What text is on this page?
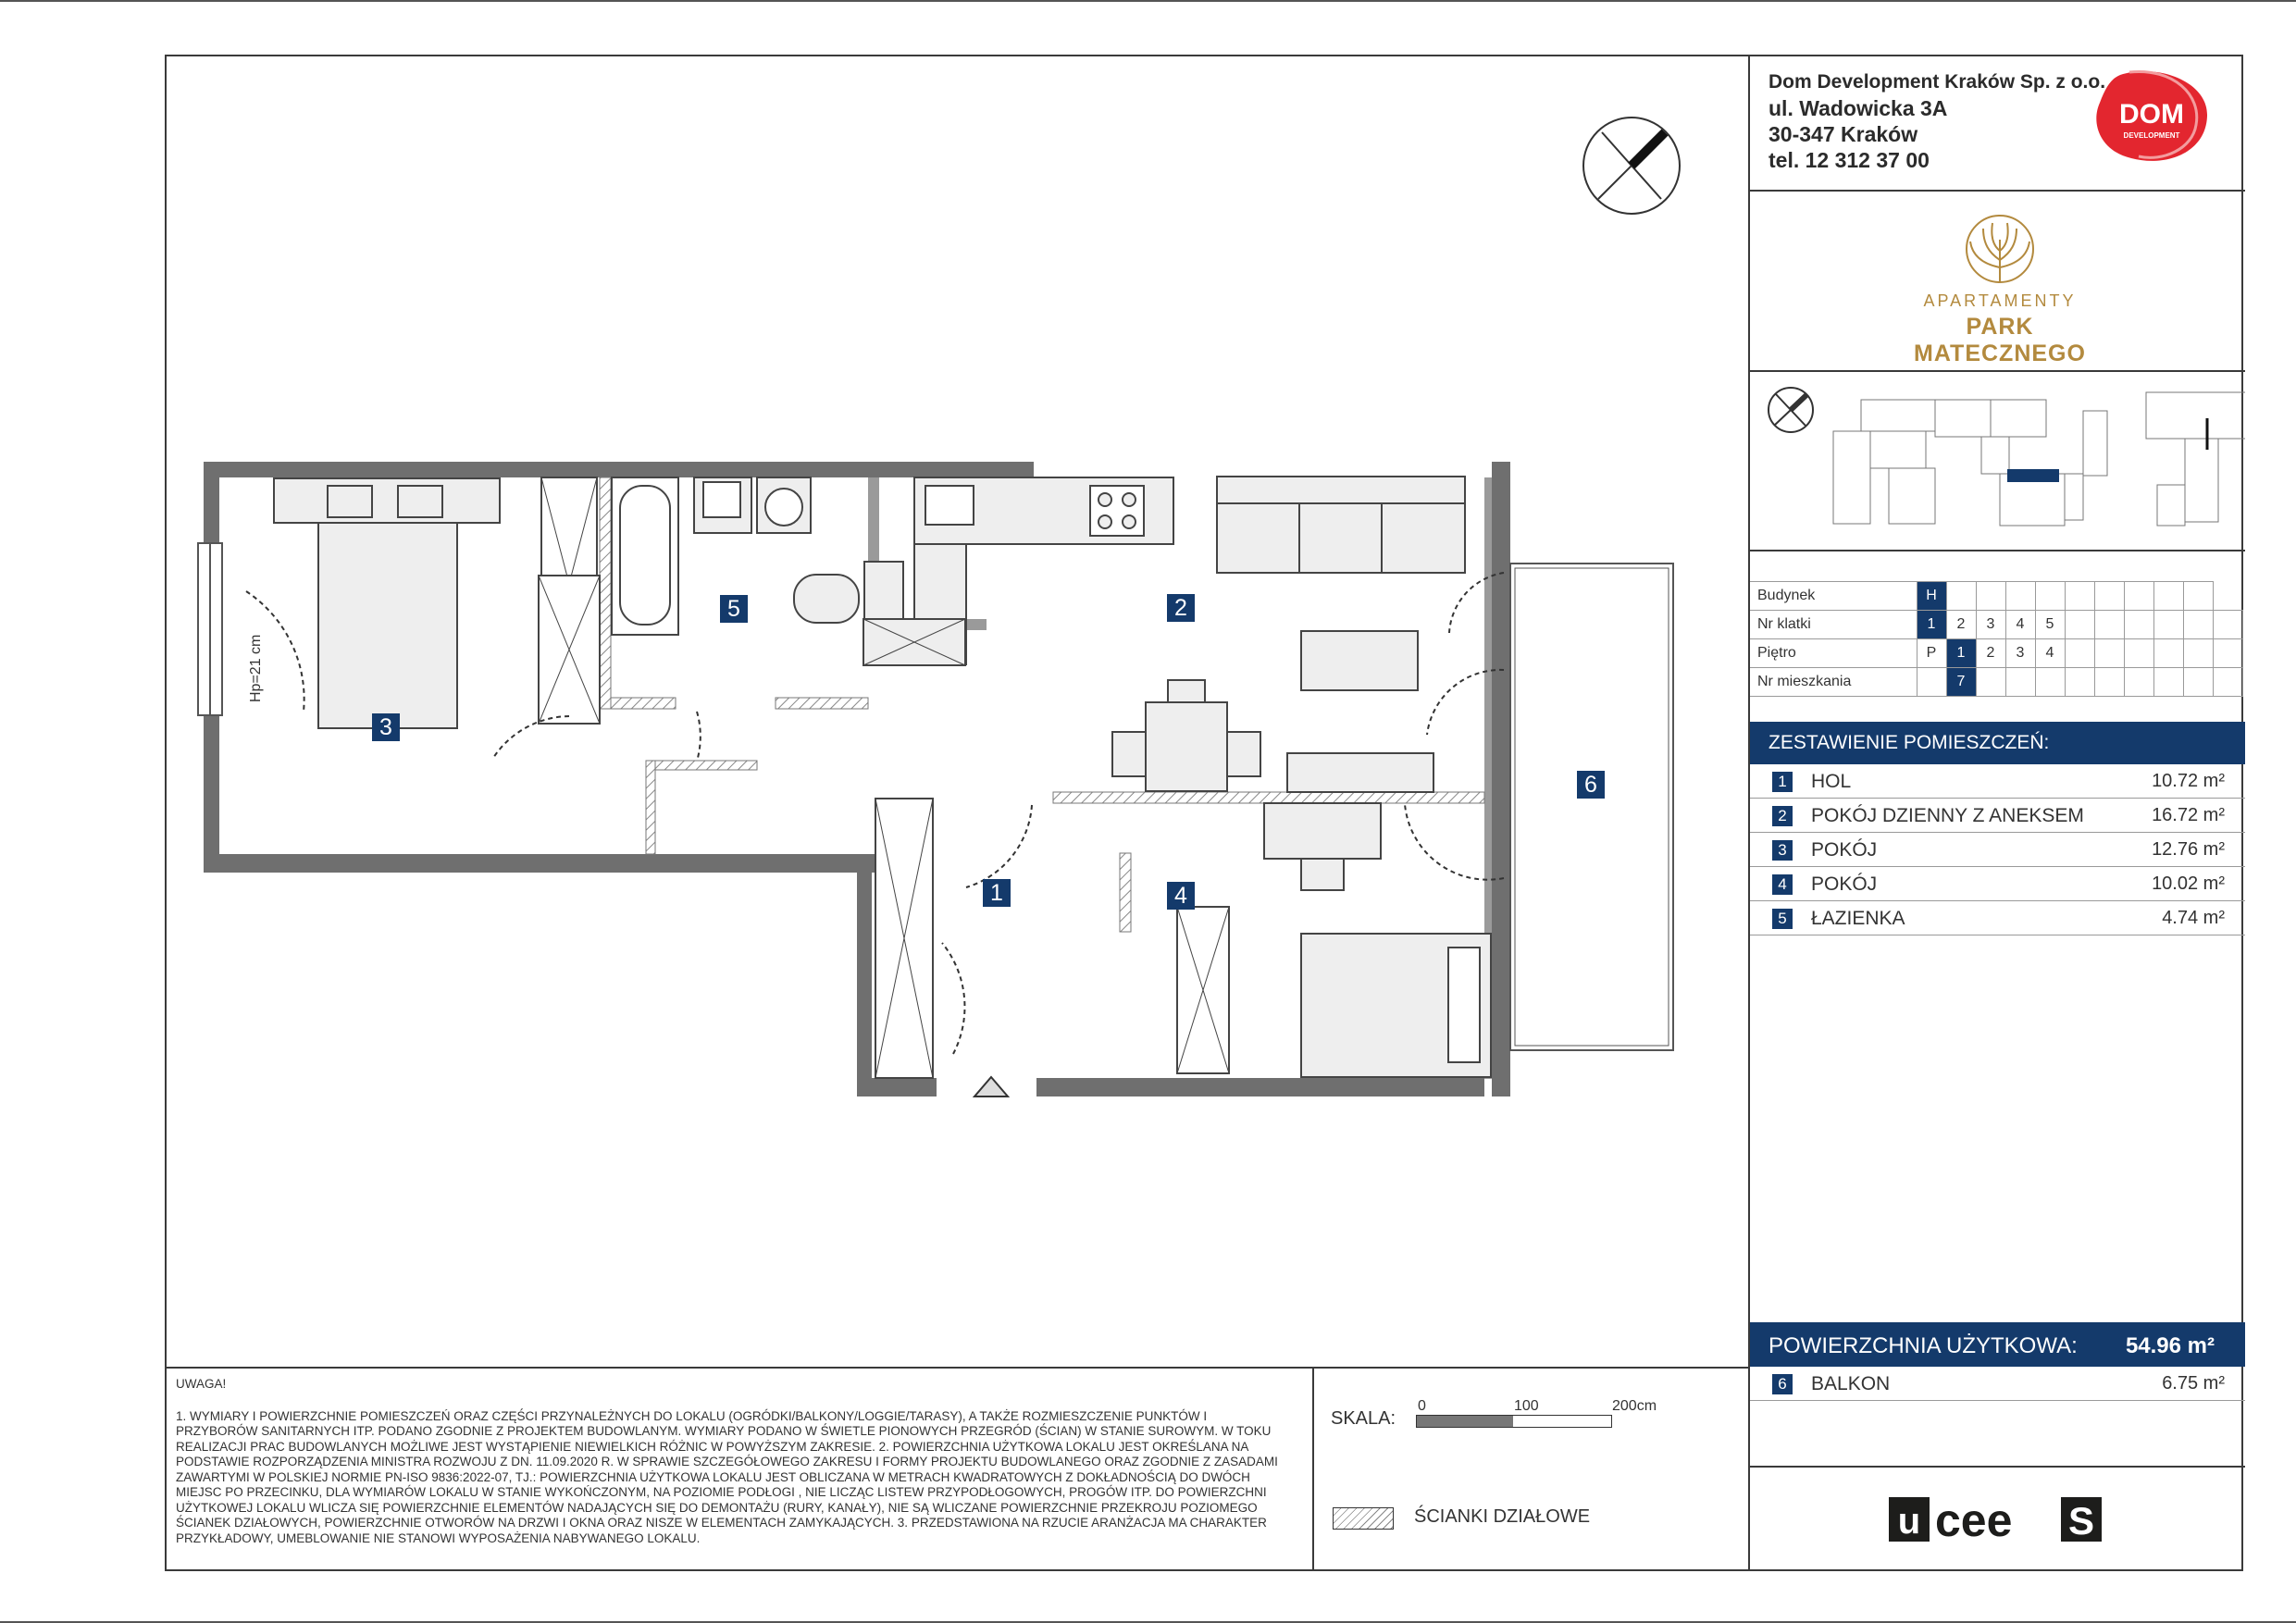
1
2
3
4
5
6
Hp=21 cm
Dom Development Kraków Sp. z o.o.
ul. Wadowicka 3A
30-347 Kraków
tel. 12 312 37 00
DOM
DEVELOPMENT
APARTAMENTY
PARK MATECZNEGO
Budynek	H										
Nr klatki	1	2	3	4	5						
Piętro	P	1	2	3	4						
Nr mieszkania		7									
ZESTAWIENIE POMIESZCZEŃ:
1 HOL	10.72 m²
2 POKÓJ DZIENNY Z ANEKSEM	16.72 m²
3 POKÓJ	12.76 m²
4 POKÓJ	10.02 m²
5 ŁAZIENKA	4.74 m²
POWIERZCHNIA UŻYTKOWA: 54.96 m²
6 BALKON	6.75 m²
u cee S
UWAGA!
1. WYMIARY I POWIERZCHNIE POMIESZCZEŃ ORAZ CZĘŚCI PRZYNALEŻNYCH DO LOKALU (OGRÓDKI/BALKONY/LOGGIE/TARASY), A TAKŻE ROZMIESZCZENIE PUNKTÓW I PRZYBORÓW SANITARNYCH ITP. PODANO ZGODNIE Z PROJEKTEM BUDOWLANYM. WYMIARY PODANO W ŚWIETLE PIONOWYCH PRZEGRÓD (ŚCIAN) W STANIE SUROWYM. W TOKU REALIZACJI PRAC BUDOWLANYCH MOŻLIWE JEST WYSTĄPIENIE NIEWIELKICH RÓŻNIC W POWYŻSZYM ZAKRESIE. 2. POWIERZCHNIA UŻYTKOWA LOKALU JEST OKREŚLANA NA PODSTAWIE ROZPORZĄDZENIA MINISTRA ROZWOJU Z DN. 11.09.2020 R. W SPRAWIE SZCZEGÓŁOWEGO ZAKRESU I FORMY PROJEKTU BUDOWLANEGO ORAZ ZGODNIE Z ZASADAMI ZAWARTYMI W POLSKIEJ NORMIE PN-ISO 9836:2022-07, TJ.: POWIERZCHNIA UŻYTKOWA LOKALU JEST OBLICZANA W METRACH KWADRATOWYCH Z DOKŁADNOŚCIĄ DO DWÓCH MIEJSC PO PRZECINKU, DLA WYMIARÓW LOKALU W STANIE WYKOŃCZONYM, NA POZIOMIE PODŁOGI , NIE LICZĄC LISTEW PRZYPODŁOGOWYCH, PROGÓW ITP. DO POWIERZCHNI UŻYTKOWEJ LOKALU WLICZA SIĘ POWIERZCHNIE ELEMENTÓW NADAJĄCYCH SIĘ DO DEMONTAŻU (RURY, KANAŁY), NIE SĄ WLICZANE POWIERZCHNIE PRZEKROJU POZIOMEGO ŚCIANEK DZIAŁOWYCH, POWIERZCHNIE OTWORÓW NA DRZWI I OKNA ORAZ NISZE W ELEMENTACH ZAMYKAJĄCYCH. 3. PRZEDSTAWIONA NA RZUCIE ARANŻACJA MA CHARAKTER PRZYKŁADOWY, UMEBLOWANIE NIE STANOWI WYPOSAŻENIA NABYWANEGO LOKALU.
SKALA:
0	100	200cm
ŚCIANKI DZIAŁOWE
